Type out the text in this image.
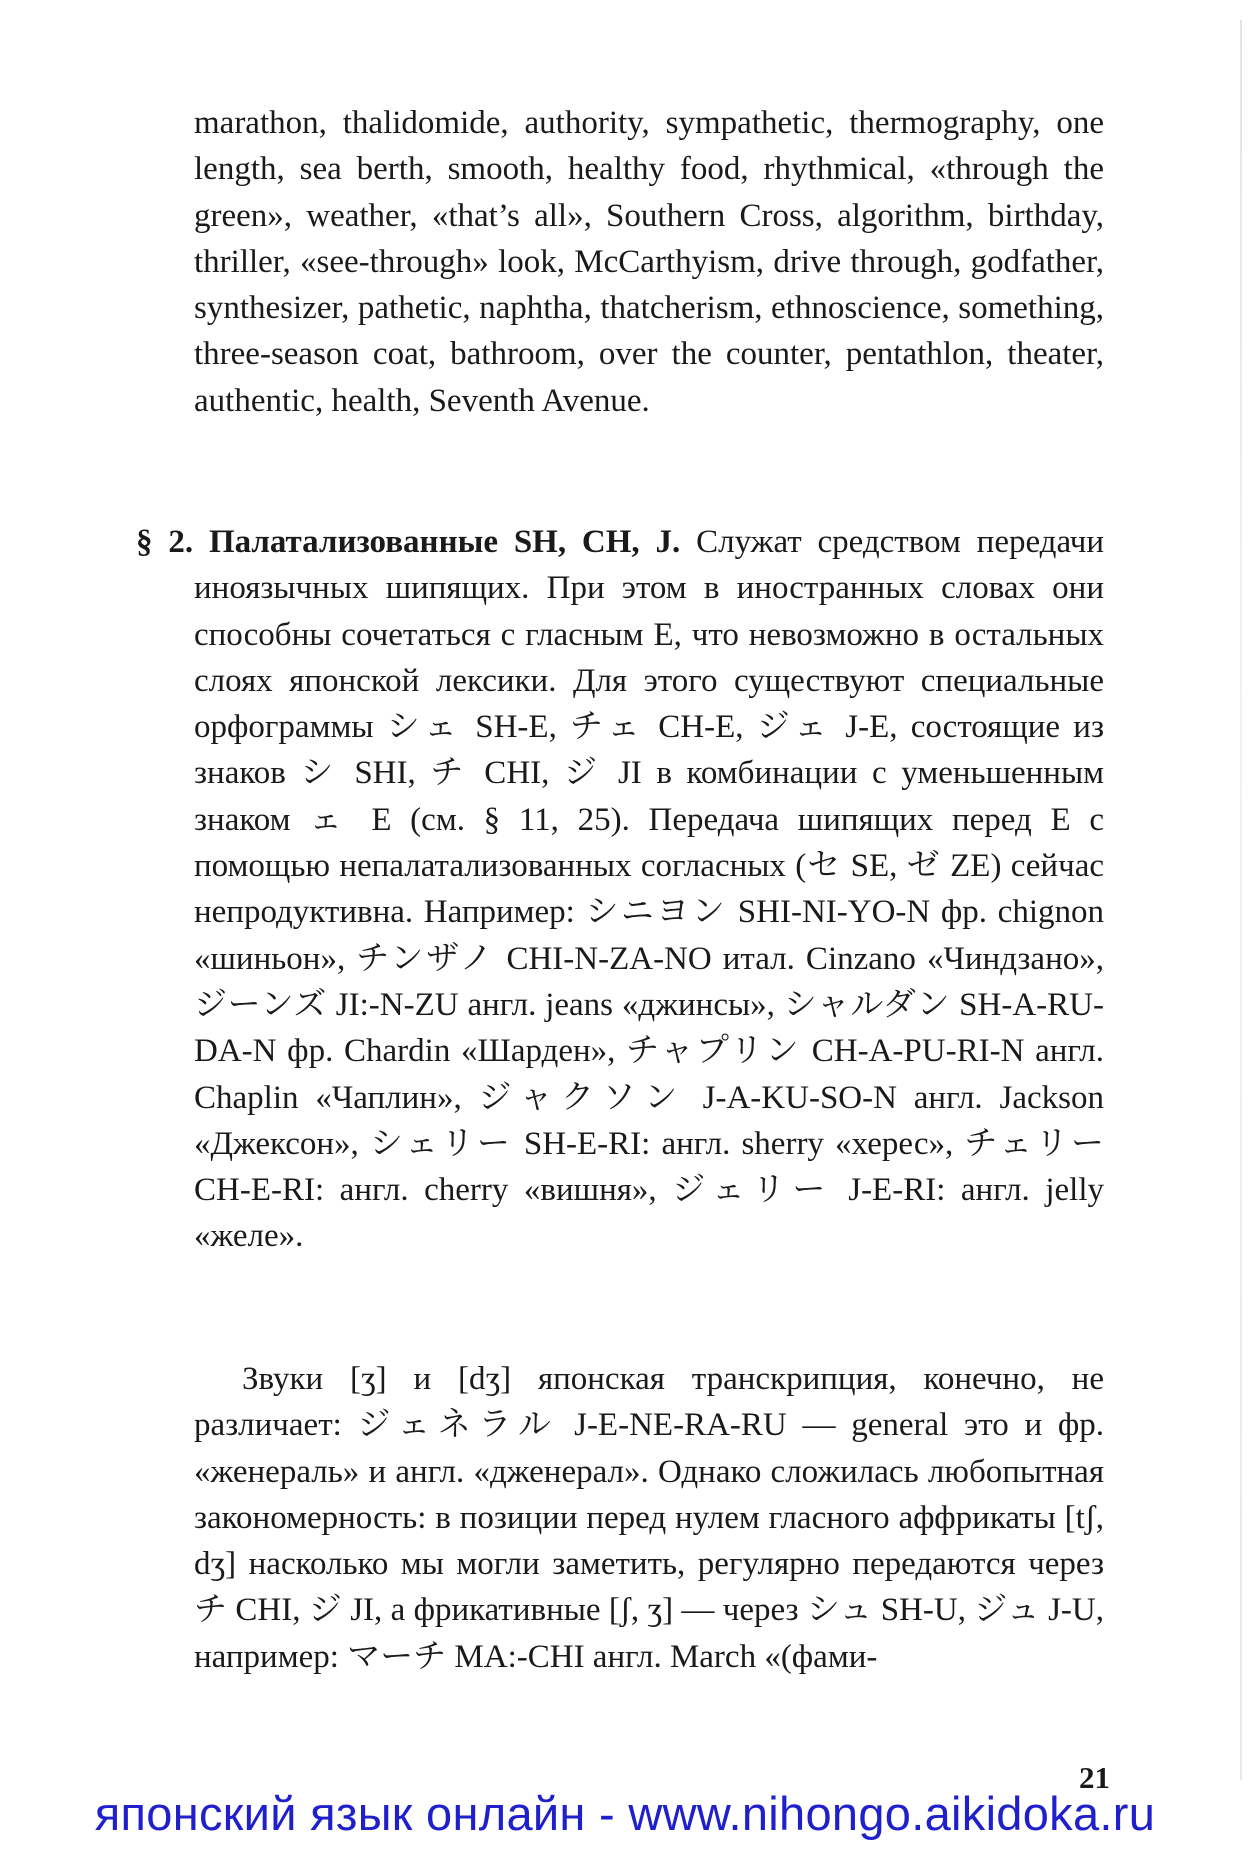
marathon, thalidomide, authority, sympathetic, thermography, one length, sea berth, smooth, healthy food, rhythmical, «through the green», weather, «that’s all», Southern Cross, algorithm, birthday, thriller, «see-through» look, McCarthyism, drive through, godfather, synthesizer, pathetic, naphtha, thatcherism, ethnoscience, something, three-season coat, bathroom, over the counter, pentathlon, theater, authentic, health, Seventh Avenue.

§ 2. Палатализованные SH, CH, J. Служат средством передачи иноязычных шипящих. При этом в иностранных словах они способны сочетаться с гласным E, что невозможно в остальных слоях японской лексики. Для этого существуют специальные орфограммы シェ SH-E, チェ CH-E, ジェ J-E, состоящие из знаков シ SHI, チ CHI, ジ JI в комбинации с уменьшенным знаком ェ E (см. § 11, 25). Передача шипящих перед E с помощью непалатализованных согласных (セ SE, ゼ ZE) сейчас непродуктивна. Например: シニヨン SHI-NI-YO-N фр. chignon «шиньон», チンザノ CHI-N-ZA-NO итал. Cinzano «Чиндзано», ジーンズ JI:-N-ZU англ. jeans «джинсы», シャルダン SH-A-RU-DA-N фр. Chardin «Шарден», チャプリン CH-A-PU-RI-N англ. Chaplin «Чаплин», ジャクソン J-A-KU-SO-N англ. Jackson «Джексон», シェリー SH-E-RI: англ. sherry «херес», チェリー CH-E-RI: англ. cherry «вишня», ジェリー J-E-RI: англ. jelly «желе».

Звуки [ʒ] и [dʒ] японская транскрипция, конечно, не различает: ジェネラル J-E-NE-RA-RU — general это и фр. «женераль» и англ. «дженерал». Однако сложилась любопытная закономерность: в позиции перед нулем гласного аффрикаты [tʃ, dʒ] насколько мы могли заметить, регулярно передаются через チ CHI, ジ JI, а фрикативные [ʃ, ʒ] — через シュ SH-U, ジュ J-U, например: マーチ MA:-CHI англ. March «(фами-

21
японский язык онлайн - www.nihongo.aikidoka.ru
